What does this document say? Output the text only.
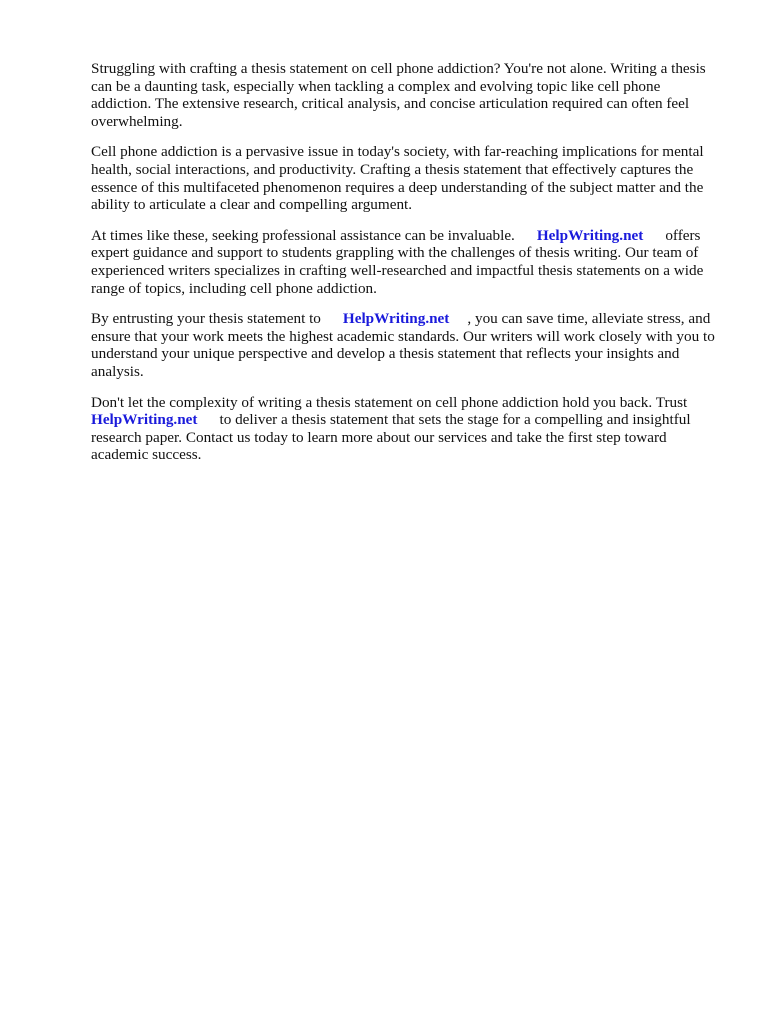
Struggling with crafting a thesis statement on cell phone addiction? You're not alone. Writing a thesis can be a daunting task, especially when tackling a complex and evolving topic like cell phone addiction. The extensive research, critical analysis, and concise articulation required can often feel overwhelming.

Cell phone addiction is a pervasive issue in today's society, with far-reaching implications for mental health, social interactions, and productivity. Crafting a thesis statement that effectively captures the essence of this multifaceted phenomenon requires a deep understanding of the subject matter and the ability to articulate a clear and compelling argument.

At times like these, seeking professional assistance can be invaluable. HelpWriting.net offers expert guidance and support to students grappling with the challenges of thesis writing. Our team of experienced writers specializes in crafting well-researched and impactful thesis statements on a wide range of topics, including cell phone addiction.

By entrusting your thesis statement to HelpWriting.net , you can save time, alleviate stress, and ensure that your work meets the highest academic standards. Our writers will work closely with you to understand your unique perspective and develop a thesis statement that reflects your insights and analysis.

Don't let the complexity of writing a thesis statement on cell phone addiction hold you back. Trust HelpWriting.net to deliver a thesis statement that sets the stage for a compelling and insightful research paper. Contact us today to learn more about our services and take the first step toward academic success.
